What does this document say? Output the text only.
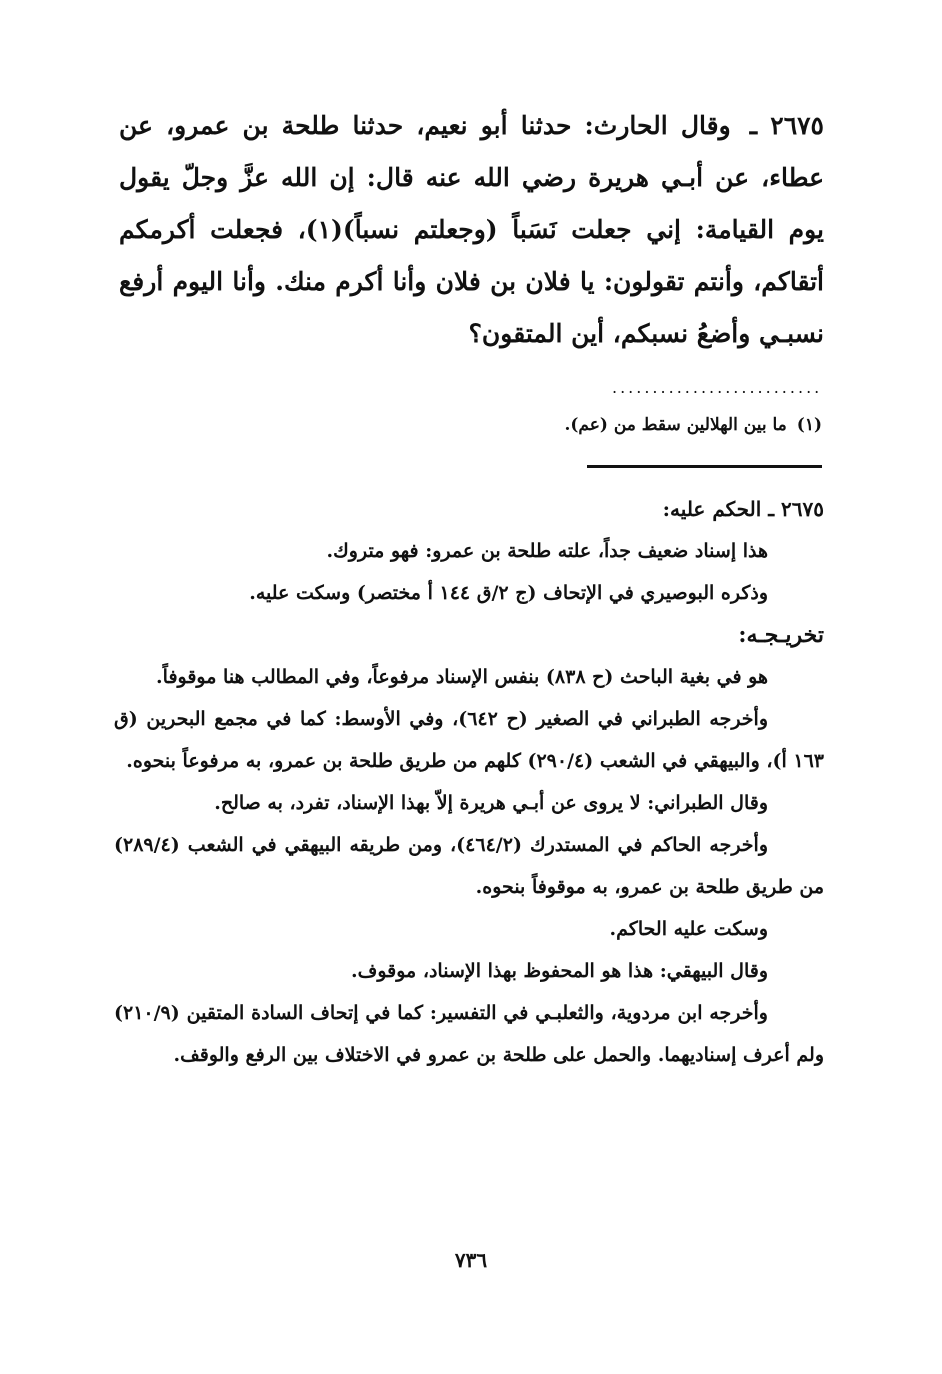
٢٦٧٥ ـ وقال الحارث: حدثنا أبو نعيم، حدثنا طلحة بن عمرو، عن عطاء، عن أبـي هريرة رضي الله عنه قال: إن الله عزَّ وجلّ يقول يوم القيامة: إني جعلت نَسَباً (وجعلتم نسباً)(١)، فجعلت أكرمكم أتقاكم، وأنتم تقولون: يا فلان بن فلان وأنا أكرم منك. وأنا اليوم أرفع نسبـي وأضعُ نسبكم، أين المتقون؟

..........................

(١)ما بين الهلالين سقط من (عم).

٢٦٧٥ ـ الحكم عليه:

هذا إسناد ضعيف جداً، علته طلحة بن عمرو: فهو متروك.

وذكره البوصيري في الإتحاف (ج ٢/ق ١٤٤ أ مختصر) وسكت عليه.

تخريـجـه:

هو في بغية الباحث (ح ٨٣٨) بنفس الإسناد مرفوعاً، وفي المطالب هنا موقوفاً.

وأخرجه الطبراني في الصغير (ح ٦٤٢)، وفي الأوسط: كما في مجمع البحرين (ق ١٦٣ أ)، والبيهقي في الشعب (٢٩٠/٤) كلهم من طريق طلحة بن عمرو، به مرفوعاً بنحوه.

وقال الطبراني: لا يروى عن أبـي هريرة إلاّ بهذا الإسناد، تفرد، به صالح.

وأخرجه الحاكم في المستدرك (٤٦٤/٢)، ومن طريقه البيهقي في الشعب (٢٨٩/٤) من طريق طلحة بن عمرو، به موقوفاً بنحوه.

وسكت عليه الحاكم.

وقال البيهقي: هذا هو المحفوظ بهذا الإسناد، موقوف.

وأخرجه ابن مردوية، والثعلبـي في التفسير: كما في إتحاف السادة المتقين (٢١٠/٩) ولم أعرف إسناديهما. والحمل على طلحة بن عمرو في الاختلاف بين الرفع والوقف.

٧٣٦
